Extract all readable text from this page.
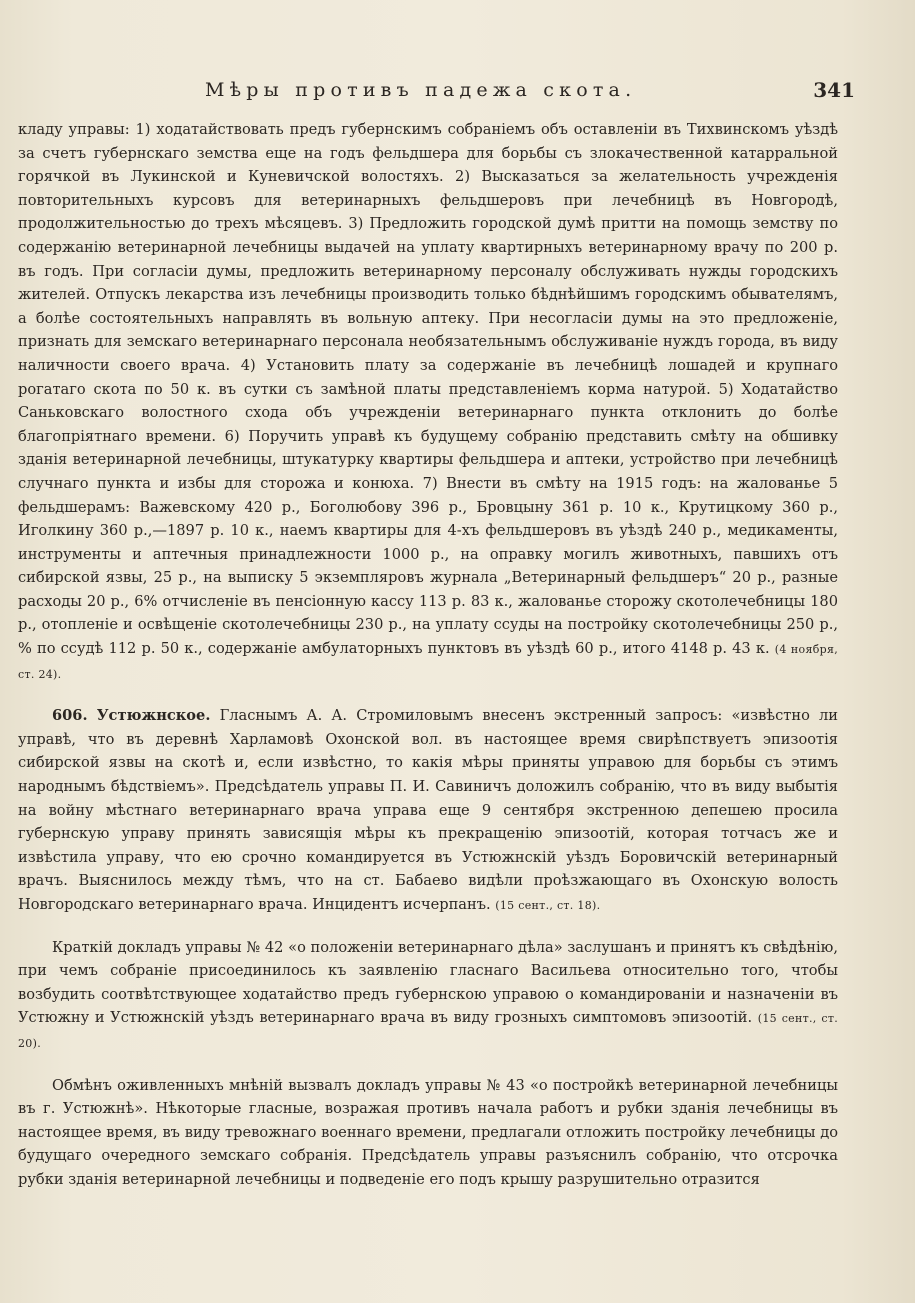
Мѣры противъ падежа скота.	341

кладу управы: 1) ходатайствовать предъ губернскимъ собраніемъ объ оставленіи въ Тихвинскомъ уѣздѣ за счетъ губернскаго земства еще на годъ фельдшера для борьбы съ злокачественной катарральной горячкой въ Лукинской и Куневичской волостяхъ. 2) Высказаться за желательность учрежденія повторительныхъ курсовъ для ветеринарныхъ фельдшеровъ при лечебницѣ въ Новгородѣ, продолжительностью до трехъ мѣсяцевъ. 3) Предложить городской думѣ притти на помощь земству по содержанію ветеринарной лечебницы выдачей на уплату квартирныхъ ветеринарному врачу по 200 р. въ годъ. При согласіи думы, предложить ветеринарному персоналу обслуживать нужды городскихъ жителей. Отпускъ лекарства изъ лечебницы производить только бѣднѣйшимъ городскимъ обывателямъ, а болѣе состоятельныхъ направлять въ вольную аптеку. При несогласіи думы на это предложеніе, признать для земскаго ветеринарнаго персонала необязательнымъ обслуживаніе нуждъ города, въ виду наличности своего врача. 4) Установить плату за содержаніе въ лечебницѣ лошадей и крупнаго рогатаго скота по 50 к. въ сутки съ замѣной платы представленіемъ корма натурой. 5) Ходатайство Саньковскаго волостного схода объ учрежденіи ветеринарнаго пункта отклонить до болѣе благопріятнаго времени. 6) Поручить управѣ къ будущему собранію представить смѣту на обшивку зданія ветеринарной лечебницы, штукатурку квартиры фельдшера и аптеки, устройство при лечебницѣ случнаго пункта и избы для сторожа и конюха. 7) Внести въ смѣту на 1915 годъ: на жалованье 5 фельдшерамъ: Важевскому 420 р., Боголюбову 396 р., Бровцыну 361 р. 10 к., Крутицкому 360 р., Иголкину 360 р.,—1897 р. 10 к., наемъ квартиры для 4-хъ фельдшеровъ въ уѣздѣ 240 р., медикаменты, инструменты и аптечныя принадлежности 1000 р., на оправку могилъ животныхъ, павшихъ отъ сибирской язвы, 25 р., на выписку 5 экземпляровъ журнала „Ветеринарный фельдшеръ“ 20 р., разные расходы 20 р., 6% отчисленіе въ пенсіонную кассу 113 р. 83 к., жалованье сторожу скотолечебницы 180 р., отопленіе и освѣщеніе скотолечебницы 230 р., на уплату ссуды на постройку скотолечебницы 250 р., % по ссудѣ 112 р. 50 к., содержаніе амбулаторныхъ пунктовъ въ уѣздѣ 60 р., итого 4148 р. 43 к. (4 ноября, ст. 24).

606. Устюжнское. Гласнымъ А. А. Стромиловымъ внесенъ экстренный запросъ: «извѣстно ли управѣ, что въ деревнѣ Харламовѣ Охонской вол. въ настоящее время свирѣпствуетъ эпизоотія сибирской язвы на скотѣ и, если извѣстно, то какія мѣры приняты управою для борьбы съ этимъ народнымъ бѣдствіемъ». Предсѣдатель управы П. И. Савиничъ доложилъ собранію, что въ виду выбытія на войну мѣстнаго ветеринарнаго врача управа еще 9 сентября экстренною депешею просила губернскую управу принять зависящія мѣры къ прекращенію эпизоотій, которая тотчасъ же и извѣстила управу, что ею срочно командируется въ Устюжнскій уѣздъ Боровичскій ветеринарный врачъ. Выяснилось между тѣмъ, что на ст. Бабаево видѣли проѣзжающаго въ Охонскую волость Новгородскаго ветеринарнаго врача. Инцидентъ исчерпанъ. (15 сент., ст. 18).

Краткій докладъ управы № 42 «о положеніи ветеринарнаго дѣла» заслушанъ и принятъ къ свѣдѣнію, при чемъ собраніе присоединилось къ заявленію гласнаго Васильева относительно того, чтобы возбудить соотвѣтствующее ходатайство предъ губернскою управою о командированіи и назначеніи въ Устюжну и Устюжнскій уѣздъ ветеринарнаго врача въ виду грозныхъ симптомовъ эпизоотій. (15 сент., ст. 20).

Обмѣнъ оживленныхъ мнѣній вызвалъ докладъ управы № 43 «о постройкѣ ветеринарной лечебницы въ г. Устюжнѣ». Нѣкоторые гласные, возражая противъ начала работъ и рубки зданія лечебницы въ настоящее время, въ виду тревожнаго военнаго времени, предлагали отложить постройку лечебницы до будущаго очередного земскаго собранія. Предсѣдатель управы разъяснилъ собранію, что отсрочка рубки зданія ветеринарной лечебницы и подведеніе его подъ крышу разрушительно отразится
